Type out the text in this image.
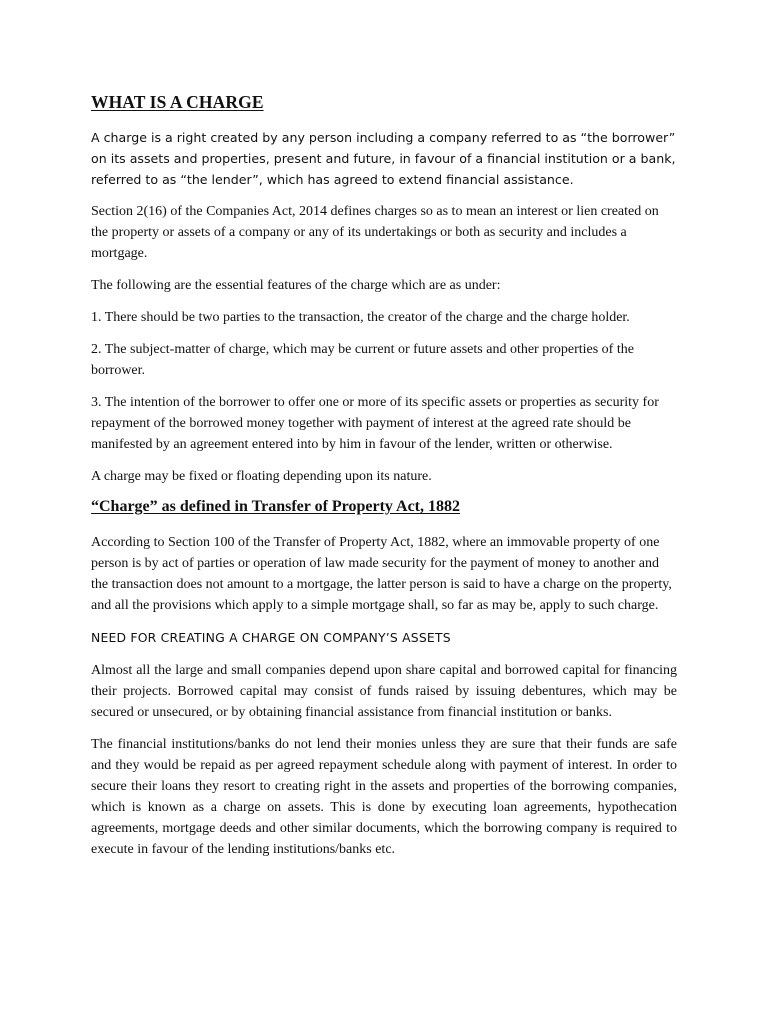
WHAT IS A CHARGE

A charge is a right created by any person including a company referred to as “the borrower” on its assets and properties, present and future, in favour of a financial institution or a bank, referred to as “the lender”, which has agreed to extend financial assistance.

Section 2(16) of the Companies Act, 2014 defines charges so as to mean an interest or lien created on the property or assets of a company or any of its undertakings or both as security and includes a mortgage.

The following are the essential features of the charge which are as under:

1. There should be two parties to the transaction, the creator of the charge and the charge holder.

2. The subject-matter of charge, which may be current or future assets and other properties of the borrower.

3. The intention of the borrower to offer one or more of its specific assets or properties as security for repayment of the borrowed money together with payment of interest at the agreed rate should be manifested by an agreement entered into by him in favour of the lender, written or otherwise.

A charge may be fixed or floating depending upon its nature.

“Charge” as defined in Transfer of Property Act, 1882

According to Section 100 of the Transfer of Property Act, 1882, where an immovable property of one person is by act of parties or operation of law made security for the payment of money to another and the transaction does not amount to a mortgage, the latter person is said to have a charge on the property, and all the provisions which apply to a simple mortgage shall, so far as may be, apply to such charge.

NEED FOR CREATING A CHARGE ON COMPANY’S ASSETS

Almost all the large and small companies depend upon share capital and borrowed capital for financing their projects. Borrowed capital may consist of funds raised by issuing debentures, which may be secured or unsecured, or by obtaining financial assistance from financial institution or banks.

The financial institutions/banks do not lend their monies unless they are sure that their funds are safe and they would be repaid as per agreed repayment schedule along with payment of interest. In order to secure their loans they resort to creating right in the assets and properties of the borrowing companies, which is known as a charge on assets. This is done by executing loan agreements, hypothecation agreements, mortgage deeds and other similar documents, which the borrowing company is required to execute in favour of the lending institutions/banks etc.
